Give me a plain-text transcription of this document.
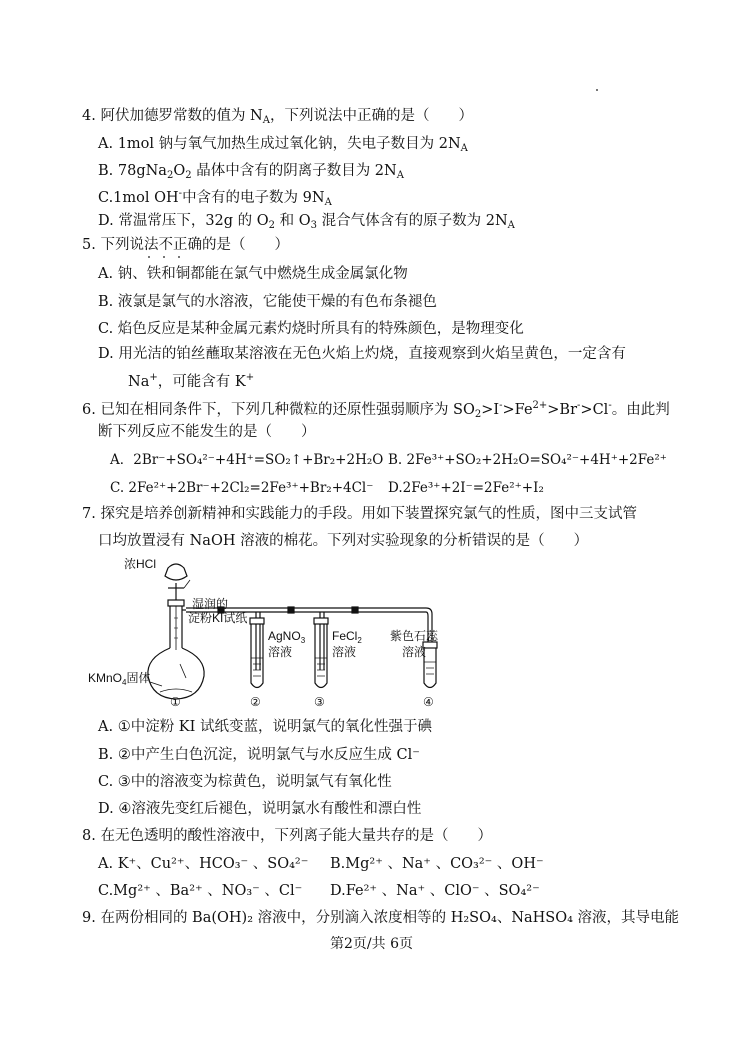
4. 阿伏加德罗常数的值为 $N_A$，下列说法中正确的是（　　）
A. 1mol 钠与氧气加热生成过氧化钠，失电子数目为 $2N_A$
B. $78gNa_2O_2$ 晶体中含有的阴离子数目为 $2N_A$
C.1mol OH-中含有的电子数为 $9N_A$
D. 常温常压下，32g 的 $O_2$ 和 $O_3$ 混合气体含有的原子数为 $2N_A$
5. 下列说法不正确的是（　　）
A. 钠、铁和铜都能在氯气中燃烧生成金属氯化物
B. 液氯是氯气的水溶液，它能使干燥的有色布条褪色
C. 焰色反应是某种金属元素灼烧时所具有的特殊颜色，是物理变化
D. 用光洁的铂丝蘸取某溶液在无色火焰上灼烧，直接观察到火焰呈黄色，一定含有
Na+，可能含有 K+
6. 已知在相同条件下，下列几种微粒的还原性强弱顺序为 $SO_2>I^->Fe^{2+}>Br^->Cl^-$。由此判
断下列反应不能发生的是（　　）
A．2Br⁻+SO₄²⁻+4H⁺=SO₂↑+Br₂+2H₂O B. 2Fe³⁺+SO₂+2H₂O=SO₄²⁻+4H⁺+2Fe²⁺
C. 2Fe²⁺+2Br⁻+2Cl₂=2Fe³⁺+Br₂+4Cl⁻ D.2Fe³⁺+2I⁻=2Fe²⁺+I₂
7. 探究是培养创新精神和实践能力的手段。用如下装置探究氯气的性质，图中三支试管
口均放置浸有 NaOH 溶液的棉花。下列对实验现象的分析错误的是（　　）
浓HCl
湿润的
淀粉KI试纸
KMnO$_4$固体
AgNO$_3$
溶液
FeCl$_2$
溶液
紫色石蕊
溶液
①	②	③	④
A. ①中淀粉 KI 试纸变蓝，说明氯气的氧化性强于碘
B. ②中产生白色沉淀，说明氯气与水反应生成 Cl⁻
C. ③中的溶液变为棕黄色，说明氯气有氧化性
D. ④溶液先变红后褪色，说明氯水有酸性和漂白性
8. 在无色透明的酸性溶液中，下列离子能大量共存的是（　　）
A. K⁺、Cu²⁺、HCO₃⁻ 、SO₄²⁻ B.Mg²⁺ 、Na⁺ 、CO₃²⁻ 、OH⁻
C.Mg²⁺ 、Ba²⁺ 、NO₃⁻ 、Cl⁻ D.Fe²⁺ 、Na⁺ 、ClO⁻ 、SO₄²⁻
9. 在两份相同的 Ba(OH)₂ 溶液中，分别滴入浓度相等的 H₂SO₄、NaHSO₄ 溶液，其导电能
第2页/共 6页
